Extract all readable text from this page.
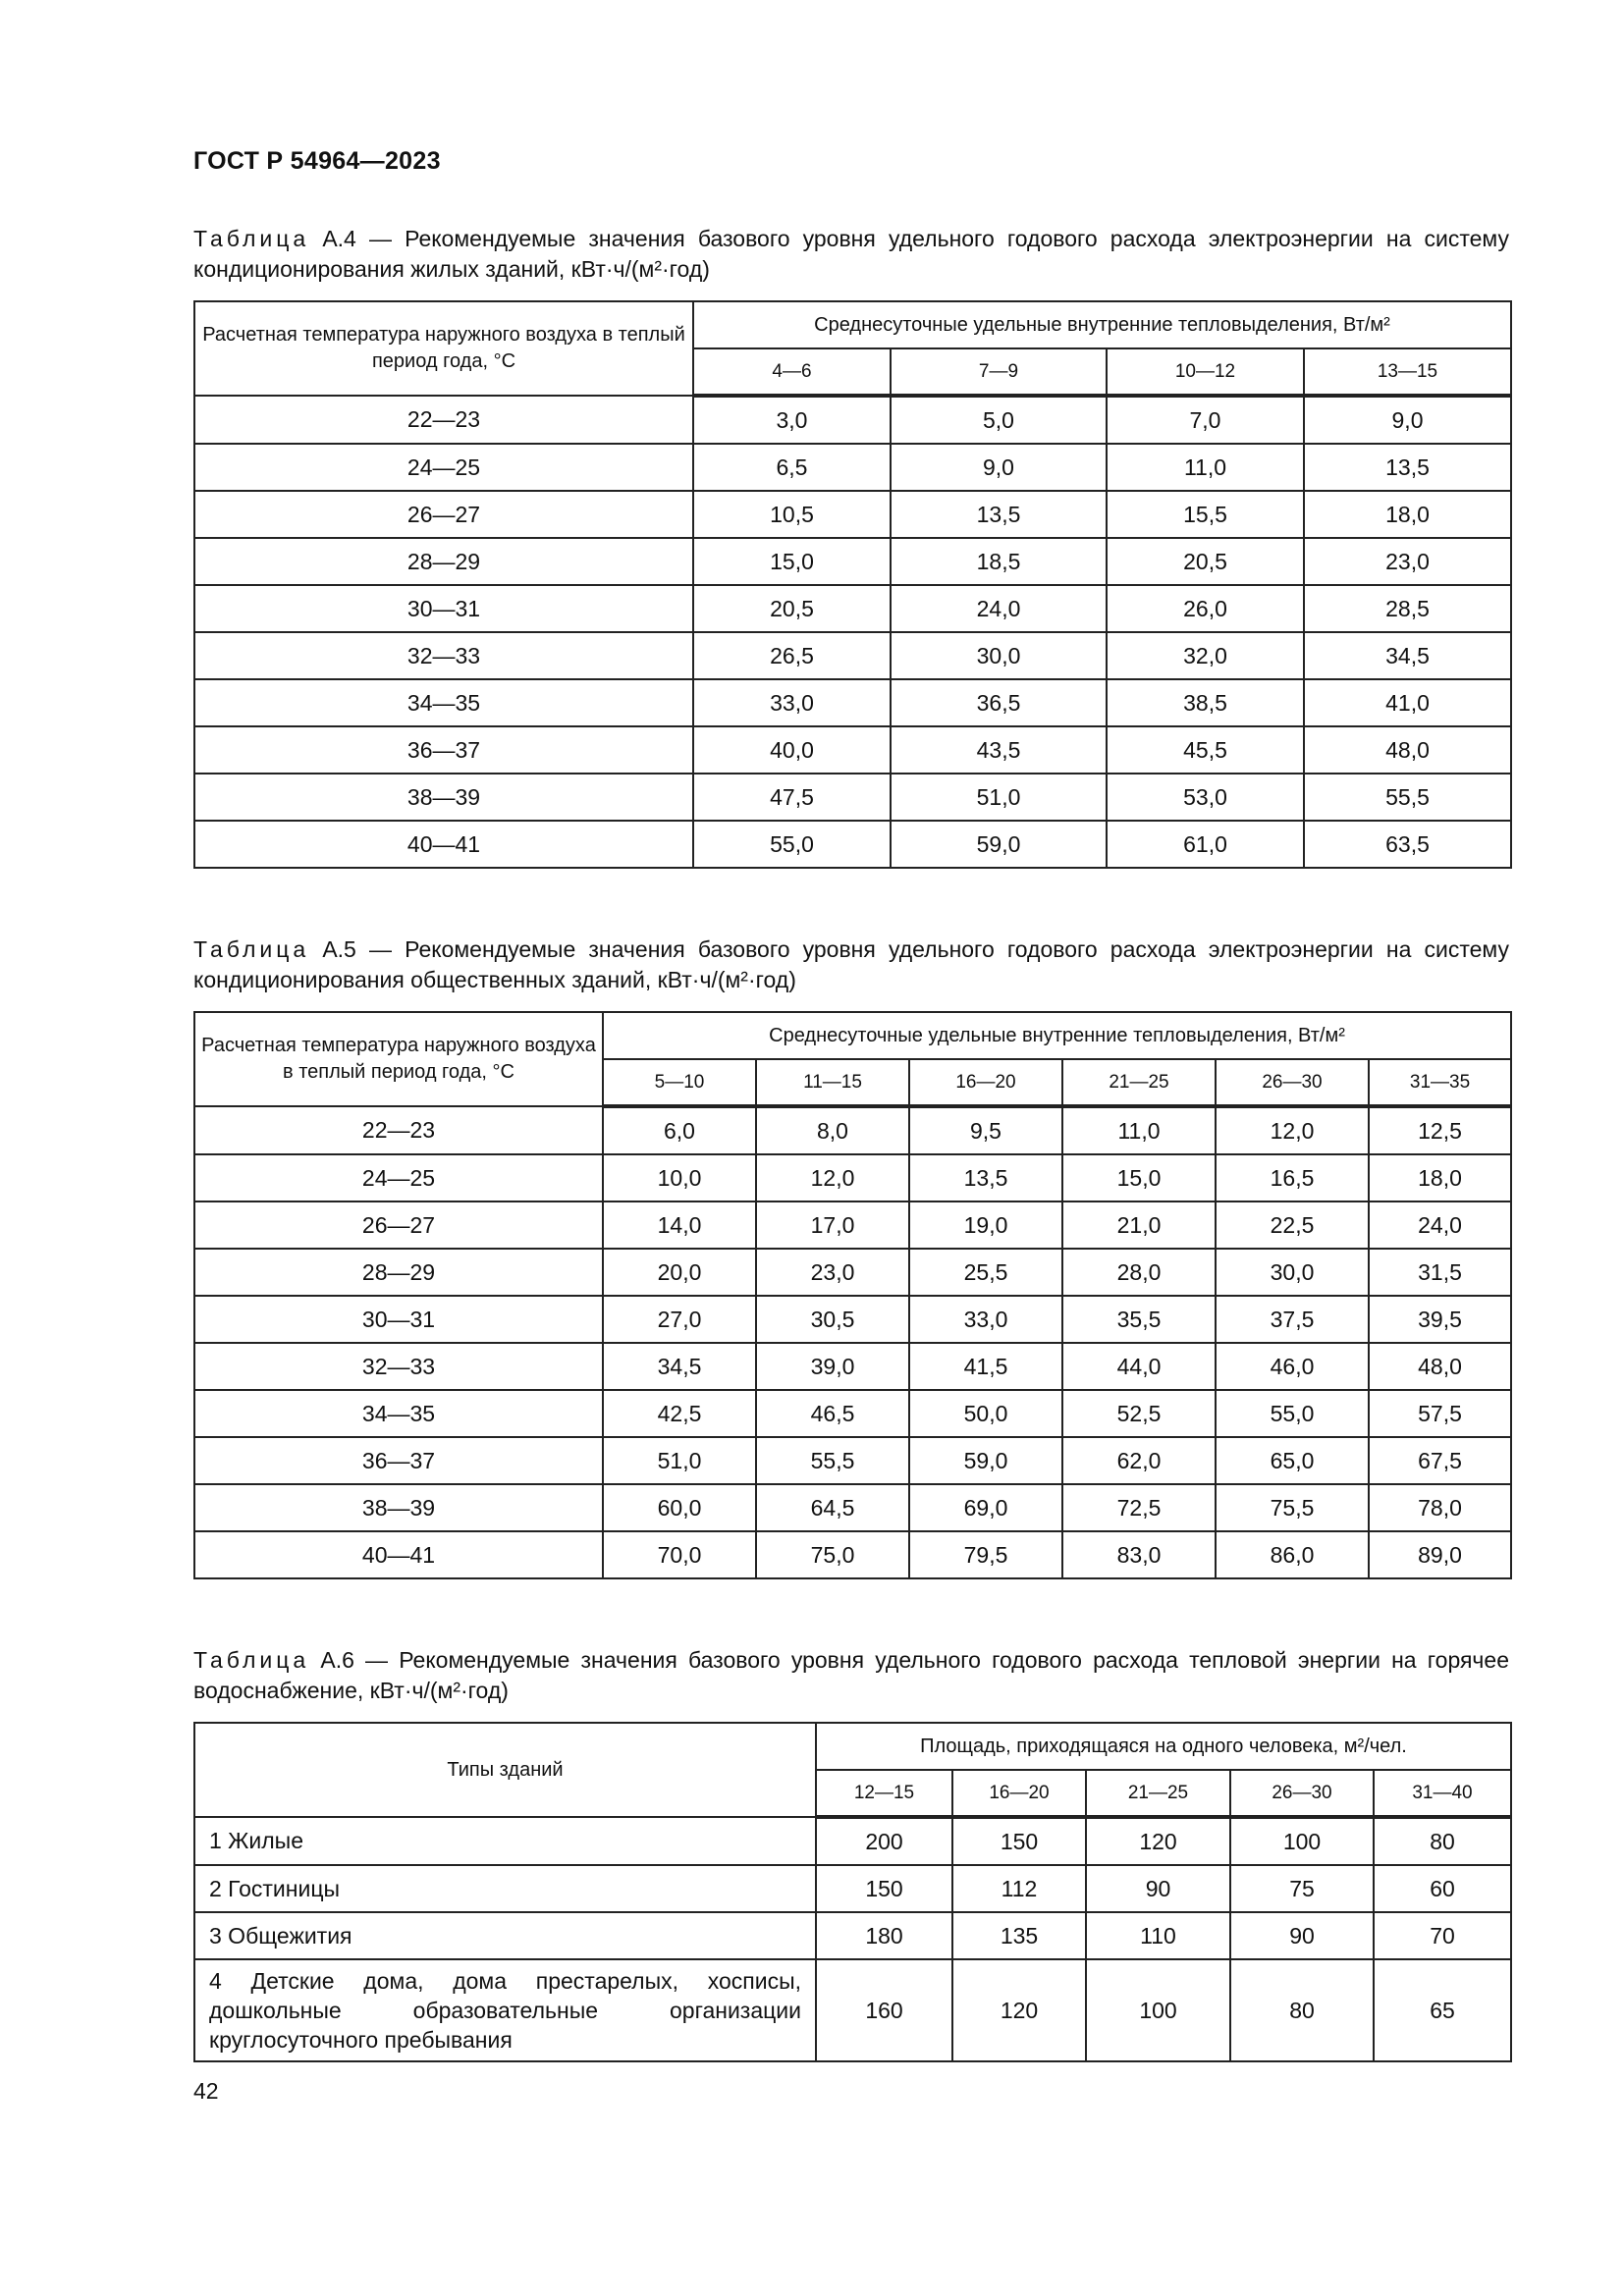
ГОСТ Р 54964—2023
Таблица А.4 — Рекомендуемые значения базового уровня удельного годового расхода электроэнергии на систему кондиционирования жилых зданий, кВт·ч/(м²·год)
Расчетная температура наружного воздуха в теплый период года, °С	Среднесуточные удельные внутренние тепловыделения, Вт/м²			
	4—6	7—9	10—12	13—15
22—23	3,0	5,0	7,0	9,0
24—25	6,5	9,0	11,0	13,5
26—27	10,5	13,5	15,5	18,0
28—29	15,0	18,5	20,5	23,0
30—31	20,5	24,0	26,0	28,5
32—33	26,5	30,0	32,0	34,5
34—35	33,0	36,5	38,5	41,0
36—37	40,0	43,5	45,5	48,0
38—39	47,5	51,0	53,0	55,5
40—41	55,0	59,0	61,0	63,5
Таблица А.5 — Рекомендуемые значения базового уровня удельного годового расхода электроэнергии на систему кондиционирования общественных зданий, кВт·ч/(м²·год)
Расчетная температура наружного воздуха в теплый период года, °С	Среднесуточные удельные внутренние тепловыделения, Вт/м²					
	5—10	11—15	16—20	21—25	26—30	31—35
22—23	6,0	8,0	9,5	11,0	12,0	12,5
24—25	10,0	12,0	13,5	15,0	16,5	18,0
26—27	14,0	17,0	19,0	21,0	22,5	24,0
28—29	20,0	23,0	25,5	28,0	30,0	31,5
30—31	27,0	30,5	33,0	35,5	37,5	39,5
32—33	34,5	39,0	41,5	44,0	46,0	48,0
34—35	42,5	46,5	50,0	52,5	55,0	57,5
36—37	51,0	55,5	59,0	62,0	65,0	67,5
38—39	60,0	64,5	69,0	72,5	75,5	78,0
40—41	70,0	75,0	79,5	83,0	86,0	89,0
Таблица А.6 — Рекомендуемые значения базового уровня удельного годового расхода тепловой энергии на горячее водоснабжение, кВт·ч/(м²·год)
Типы зданий	Площадь, приходящаяся на одного человека, м²/чел.				
	12—15	16—20	21—25	26—30	31—40
1 Жилые	200	150	120	100	80
2 Гостиницы	150	112	90	75	60
3 Общежития	180	135	110	90	70
4 Детские дома, дома престарелых, хосписы, дошкольные образовательные организации круглосуточного пребывания	160	120	100	80	65
42
